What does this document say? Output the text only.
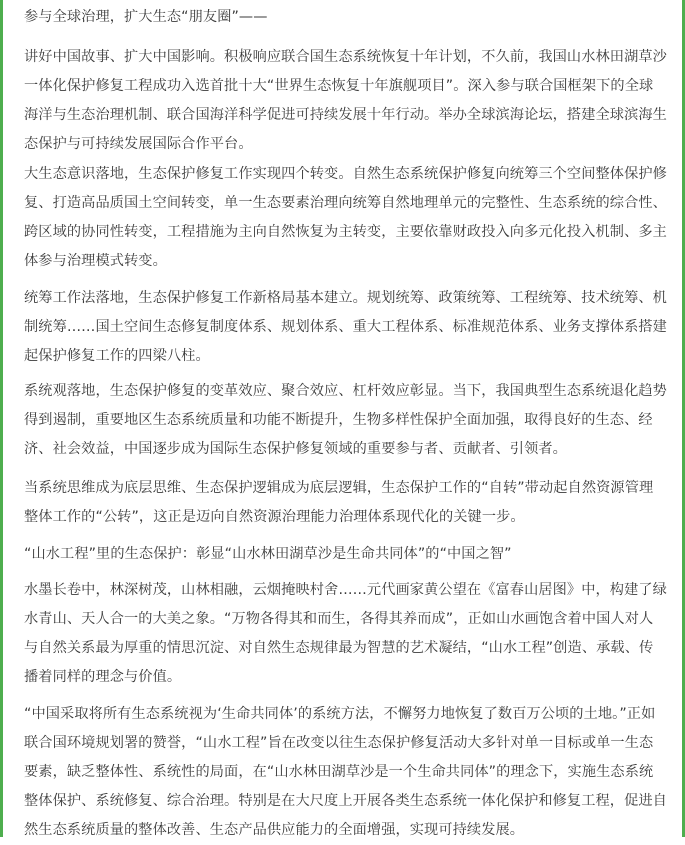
参与全球治理，扩大生态“朋友圈”——

讲好中国故事、扩大中国影响。积极响应联合国生态系统恢复十年计划，不久前，我国山水林田湖草沙一体化保护修复工程成功入选首批十大“世界生态恢复十年旗舰项目”。深入参与联合国框架下的全球海洋与生态治理机制、联合国海洋科学促进可持续发展十年行动。举办全球滨海论坛，搭建全球滨海生态保护与可持续发展国际合作平台。

大生态意识落地，生态保护修复工作实现四个转变。自然生态系统保护修复向统筹三个空间整体保护修复、打造高品质国土空间转变，单一生态要素治理向统筹自然地理单元的完整性、生态系统的综合性、跨区域的协同性转变，工程措施为主向自然恢复为主转变，主要依靠财政投入向多元化投入机制、多主体参与治理模式转变。

统筹工作法落地，生态保护修复工作新格局基本建立。规划统筹、政策统筹、工程统筹、技术统筹、机制统筹……国土空间生态修复制度体系、规划体系、重大工程体系、标准规范体系、业务支撑体系搭建起保护修复工作的四梁八柱。

系统观落地，生态保护修复的变革效应、聚合效应、杠杆效应彰显。当下，我国典型生态系统退化趋势得到遏制，重要地区生态系统质量和功能不断提升，生物多样性保护全面加强，取得良好的生态、经济、社会效益，中国逐步成为国际生态保护修复领域的重要参与者、贡献者、引领者。

当系统思维成为底层思维、生态保护逻辑成为底层逻辑，生态保护工作的“自转”带动起自然资源管理整体工作的“公转”，这正是迈向自然资源治理能力治理体系现代化的关键一步。

“山水工程”里的生态保护：彰显“山水林田湖草沙是生命共同体”的“中国之智”

水墨长卷中，林深树茂，山林相融，云烟掩映村舍……元代画家黄公望在《富春山居图》中，构建了绿水青山、天人合一的大美之象。“万物各得其和而生，各得其养而成”，正如山水画饱含着中国人对人与自然关系最为厚重的情思沉淀、对自然生态规律最为智慧的艺术凝结，“山水工程”创造、承载、传播着同样的理念与价值。

“中国采取将所有生态系统视为‘生命共同体’的系统方法，不懈努力地恢复了数百万公顷的土地。”正如联合国环境规划署的赞誉，“山水工程”旨在改变以往生态保护修复活动大多针对单一目标或单一生态要素，缺乏整体性、系统性的局面，在“山水林田湖草沙是一个生命共同体”的理念下，实施生态系统整体保护、系统修复、综合治理。特别是在大尺度上开展各类生态系统一体化保护和修复工程，促进自然生态系统质量的整体改善、生态产品供应能力的全面增强，实现可持续发展。
